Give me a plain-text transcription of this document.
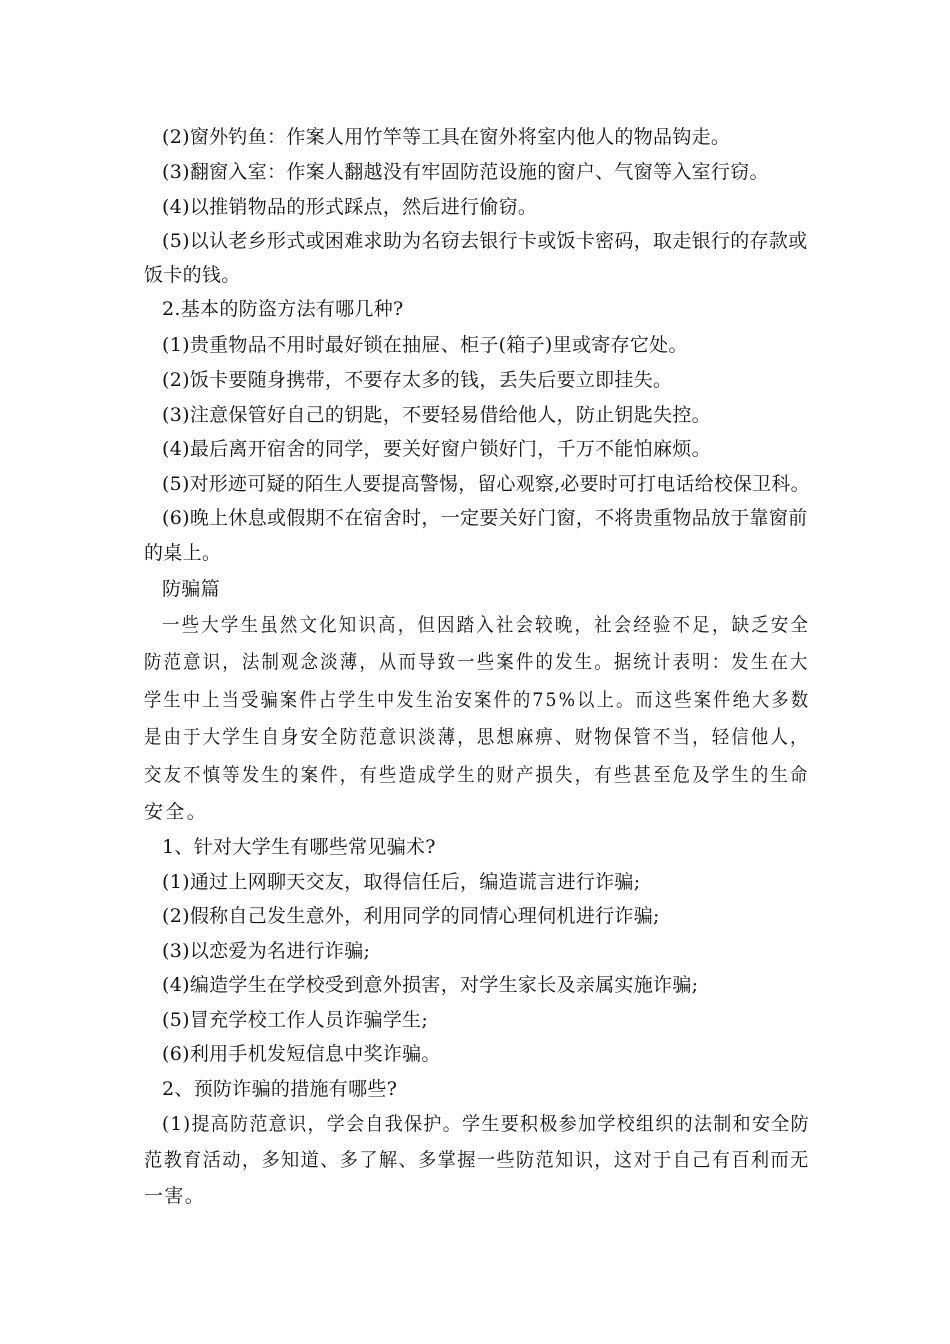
(2)窗外钓鱼：作案人用竹竿等工具在窗外将室内他人的物品钩走。
(3)翻窗入室：作案人翻越没有牢固防范设施的窗户、气窗等入室行窃。
(4)以推销物品的形式踩点，然后进行偷窃。
(5)以认老乡形式或困难求助为名窃去银行卡或饭卡密码，取走银行的存款或
饭卡的钱。
2.基本的防盗方法有哪几种?
(1)贵重物品不用时最好锁在抽屉、柜子(箱子)里或寄存它处。
(2)饭卡要随身携带，不要存太多的钱，丢失后要立即挂失。
(3)注意保管好自己的钥匙，不要轻易借给他人，防止钥匙失控。
(4)最后离开宿舍的同学，要关好窗户锁好门，千万不能怕麻烦。
(5)对形迹可疑的陌生人要提高警惕，留心观察,必要时可打电话给校保卫科。
(6)晚上休息或假期不在宿舍时，一定要关好门窗，不将贵重物品放于靠窗前
的桌上。
防骗篇
一些大学生虽然文化知识高，但因踏入社会较晚，社会经验不足，缺乏安全
防范意识，法制观念淡薄，从而导致一些案件的发生。据统计表明：发生在大
学生中上当受骗案件占学生中发生治安案件的75%以上。而这些案件绝大多数
是由于大学生自身安全防范意识淡薄，思想麻痹、财物保管不当，轻信他人，
交友不慎等发生的案件，有些造成学生的财产损失，有些甚至危及学生的生命
安全。
1、针对大学生有哪些常见骗术?
(1)通过上网聊天交友，取得信任后，编造谎言进行诈骗;
(2)假称自己发生意外，利用同学的同情心理伺机进行诈骗;
(3)以恋爱为名进行诈骗;
(4)编造学生在学校受到意外损害，对学生家长及亲属实施诈骗;
(5)冒充学校工作人员诈骗学生;
(6)利用手机发短信息中奖诈骗。
2、预防诈骗的措施有哪些?
(1)提高防范意识，学会自我保护。学生要积极参加学校组织的法制和安全防
范教育活动，多知道、多了解、多掌握一些防范知识，这对于自己有百利而无
一害。
